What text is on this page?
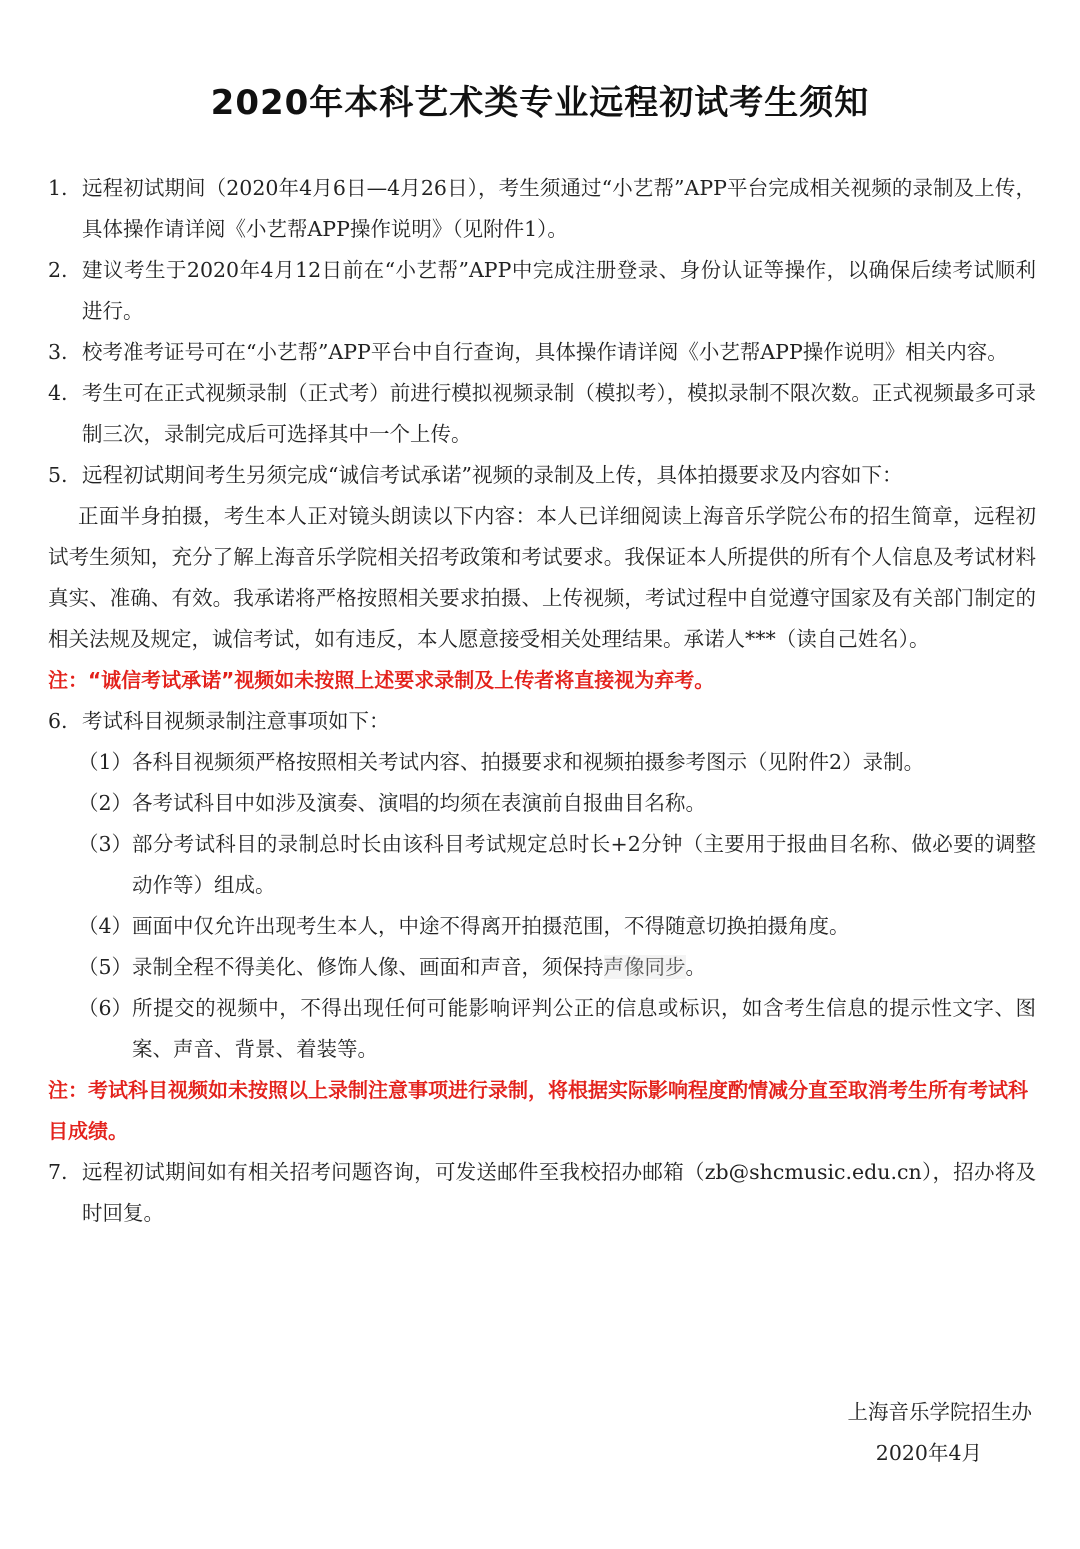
2020年本科艺术类专业远程初试考生须知
1. 远程初试期间（2020年4月6日—4月26日），考生须通过“小艺帮”APP平台完成相关视频的录制及上传，具体操作请详阅《小艺帮APP操作说明》（见附件1）。
2. 建议考生于2020年4月12日前在“小艺帮”APP中完成注册登录、身份认证等操作，以确保后续考试顺利进行。
3. 校考准考证号可在“小艺帮”APP平台中自行查询，具体操作请详阅《小艺帮APP操作说明》相关内容。
4. 考生可在正式视频录制（正式考）前进行模拟视频录制（模拟考），模拟录制不限次数。正式视频最多可录制三次，录制完成后可选择其中一个上传。
5. 远程初试期间考生另须完成“诚信考试承诺”视频的录制及上传，具体拍摄要求及内容如下：
正面半身拍摄，考生本人正对镜头朗读以下内容：本人已详细阅读上海音乐学院公布的招生简章，远程初试考生须知，充分了解上海音乐学院相关招考政策和考试要求。我保证本人所提供的所有个人信息及考试材料真实、准确、有效。我承诺将严格按照相关要求拍摄、上传视频，考试过程中自觉遵守国家及有关部门制定的相关法规及规定，诚信考试，如有违反，本人愿意接受相关处理结果。承诺人***（读自己姓名）。
注：“诚信考试承诺”视频如未按照上述要求录制及上传者将直接视为弃考。
6. 考试科目视频录制注意事项如下：
（1） 各科目视频须严格按照相关考试内容、拍摄要求和视频拍摄参考图示（见附件2）录制。
（2） 各考试科目中如涉及演奏、演唱的均须在表演前自报曲目名称。
（3） 部分考试科目的录制总时长由该科目考试规定总时长+2分钟（主要用于报曲目名称、做必要的调整动作等）组成。
（4） 画面中仅允许出现考生本人，中途不得离开拍摄范围，不得随意切换拍摄角度。
（5） 录制全程不得美化、修饰人像、画面和声音，须保持声像同步。
（6） 所提交的视频中，不得出现任何可能影响评判公正的信息或标识，如含考生信息的提示性文字、图案、声音、背景、着装等。
注：考试科目视频如未按照以上录制注意事项进行录制，将根据实际影响程度酌情减分直至取消考生所有考试科目成绩。
7. 远程初试期间如有相关招考问题咨询，可发送邮件至我校招办邮箱（zb@shcmusic.edu.cn），招办将及时回复。
上海音乐学院招生办
2020年4月
